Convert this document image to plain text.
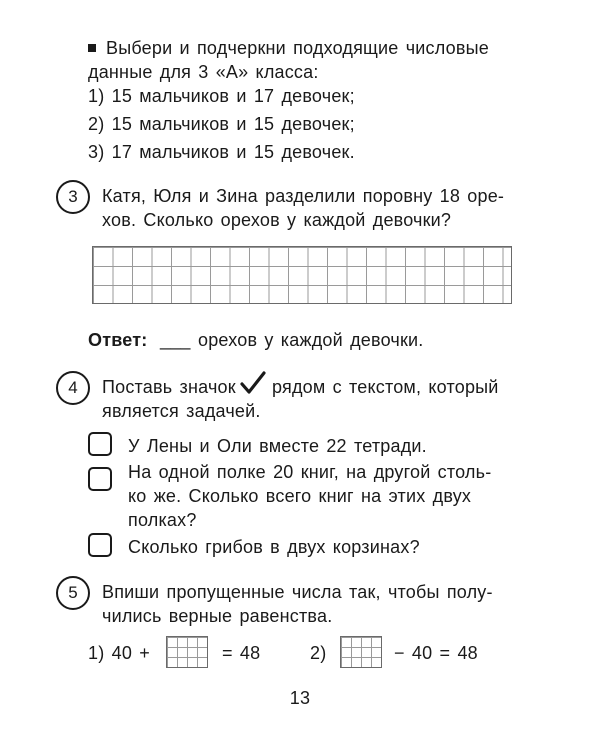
Выбери и подчеркни подходящие числовые
данные для 3 «А» класса:
1) 15 мальчиков и 17 девочек;
2) 15 мальчиков и 15 девочек;
3) 17 мальчиков и 15 девочек.
3	Катя, Юля и Зина разделили поровну 18 оре-
хов. Сколько орехов у каждой девочки?
Ответ: ___ орехов у каждой девочки.
4	Поставь значок рядом с текстом, который
является задачей.
У Лены и Оли вместе 22 тетради.
На одной полке 20 книг, на другой столь-
ко же. Сколько всего книг на этих двух
полках?
Сколько грибов в двух корзинах?
5	Впиши пропущенные числа так, чтобы полу-
чились верные равенства.
1) 40 +	= 48	2)	− 40 = 48
13
